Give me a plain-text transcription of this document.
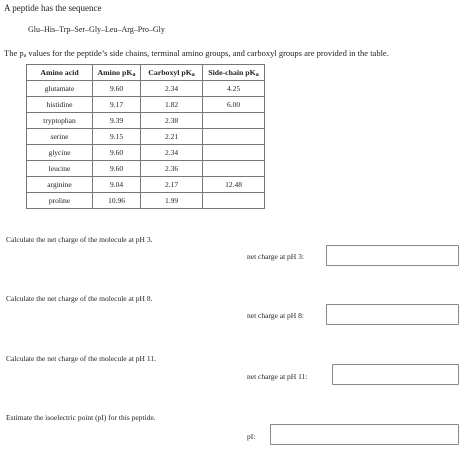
A peptide has the sequence
Glu–His–Trp–Ser–Gly–Leu–Arg–Pro–Gly
The $p_a$ values for the peptide’s side chains, terminal amino groups, and carboxyl groups are provided in the table.
Amino acid	Amino $pK_a$	Carboxyl $pK_a$	Side-chain $pK_a$
glutamate	9.60	2.34	4.25
histidine	9.17	1.82	6.00
tryptophan	9.39	2.38	
serine	9.15	2.21	
glycine	9.60	2.34	
leucine	9.60	2.36	
arginine	9.04	2.17	12.48
proline	10.96	1.99	
Calculate the net charge of the molecule at pH 3.
net charge at pH 3:
Calculate the net charge of the molecule at pH 8.
net charge at pH 8:
Calculate the net charge of the molecule at pH 11.
net charge at pH 11:
Estimate the isoelectric point (pI) for this peptide.
pI:
